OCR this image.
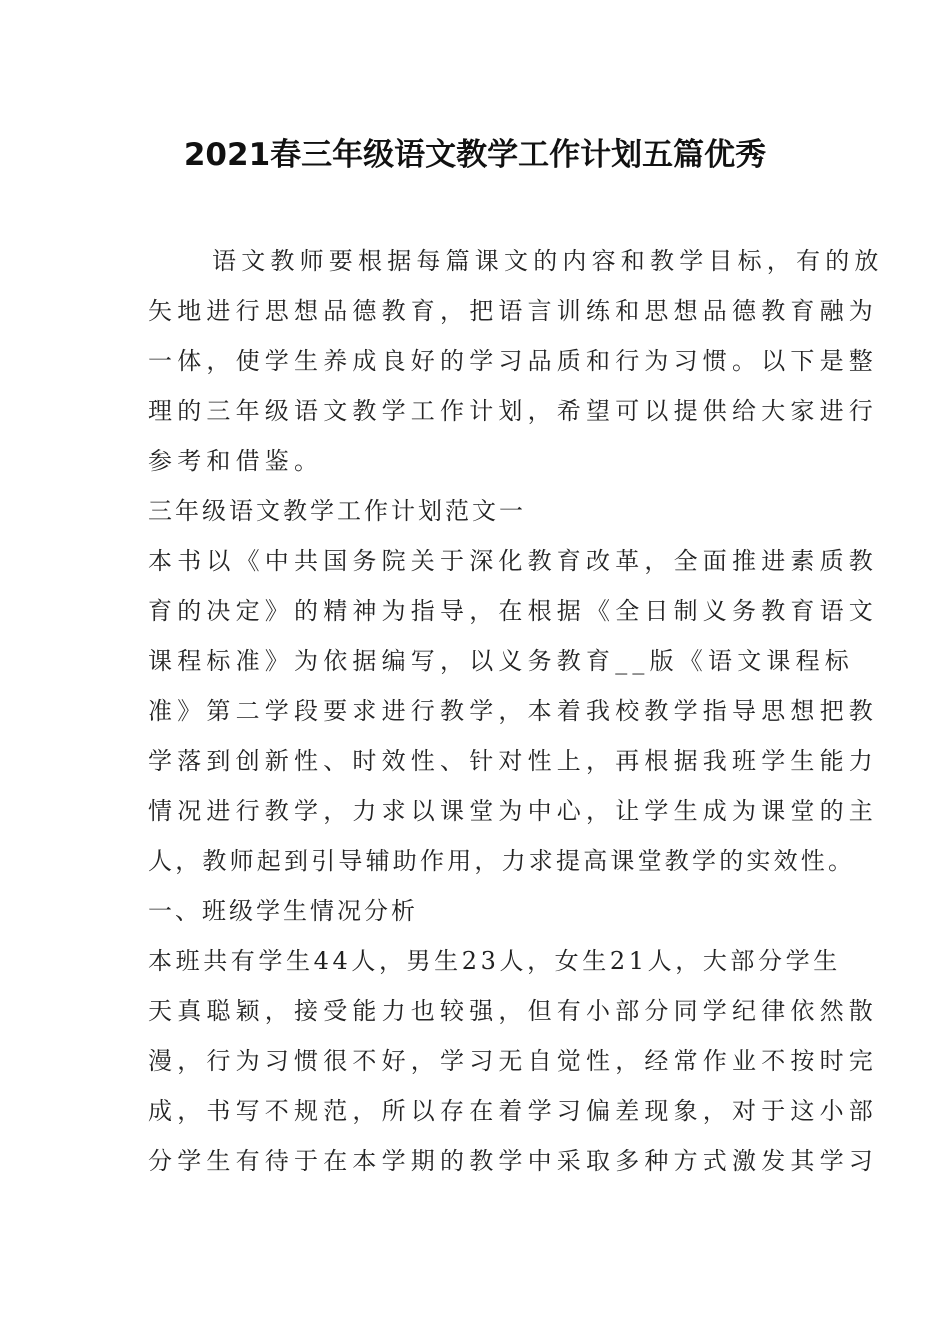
2021春三年级语文教学工作计划五篇优秀

语文教师要根据每篇课文的内容和教学目标，有的放

矢地进行思想品德教育，把语言训练和思想品德教育融为

一体，使学生养成良好的学习品质和行为习惯。以下是整

理的三年级语文教学工作计划，希望可以提供给大家进行

参考和借鉴。

三年级语文教学工作计划范文一

本书以《中共国务院关于深化教育改革，全面推进素质教

育的决定》的精神为指导，在根据《全日制义务教育语文

课程标准》为依据编写，以义务教育__版《语文课程标

准》第二学段要求进行教学，本着我校教学指导思想把教

学落到创新性、时效性、针对性上，再根据我班学生能力

情况进行教学，力求以课堂为中心，让学生成为课堂的主

人，教师起到引导辅助作用，力求提高课堂教学的实效性。

一、班级学生情况分析

本班共有学生44人，男生23人，女生21人，大部分学生

天真聪颖，接受能力也较强，但有小部分同学纪律依然散

漫，行为习惯很不好，学习无自觉性，经常作业不按时完

成，书写不规范，所以存在着学习偏差现象，对于这小部

分学生有待于在本学期的教学中采取多种方式激发其学习
